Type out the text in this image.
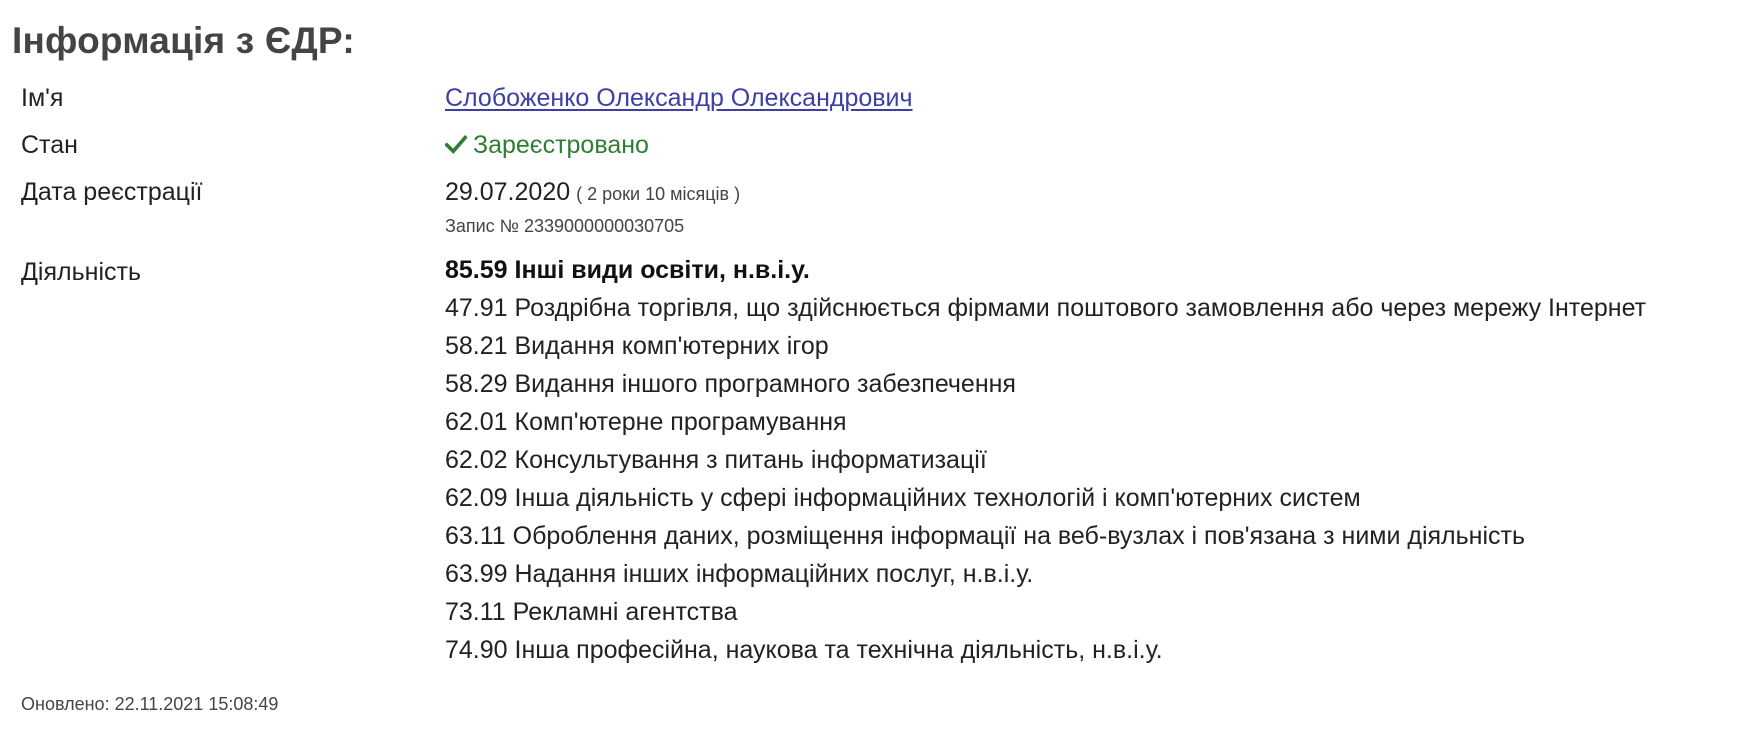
Інформація з ЄДР:
Ім'я	Слобоженко Олександр Олександрович
Стан	Зареєстровано
Дата реєстрації	29.07.2020 ( 2 роки 10 місяців )
Запис № 2339000000030705
Діяльність	85.59 Інші види освіти, н.в.і.у.
47.91 Роздрібна торгівля, що здійснюється фірмами поштового замовлення або через мережу Інтернет
58.21 Видання комп'ютерних ігор
58.29 Видання іншого програмного забезпечення
62.01 Комп'ютерне програмування
62.02 Консультування з питань інформатизації
62.09 Інша діяльність у сфері інформаційних технологій і комп'ютерних систем
63.11 Оброблення даних, розміщення інформації на веб-вузлах і пов'язана з ними діяльність
63.99 Надання інших інформаційних послуг, н.в.і.у.
73.11 Рекламні агентства
74.90 Інша професійна, наукова та технічна діяльність, н.в.і.у.
Оновлено: 22.11.2021 15:08:49
